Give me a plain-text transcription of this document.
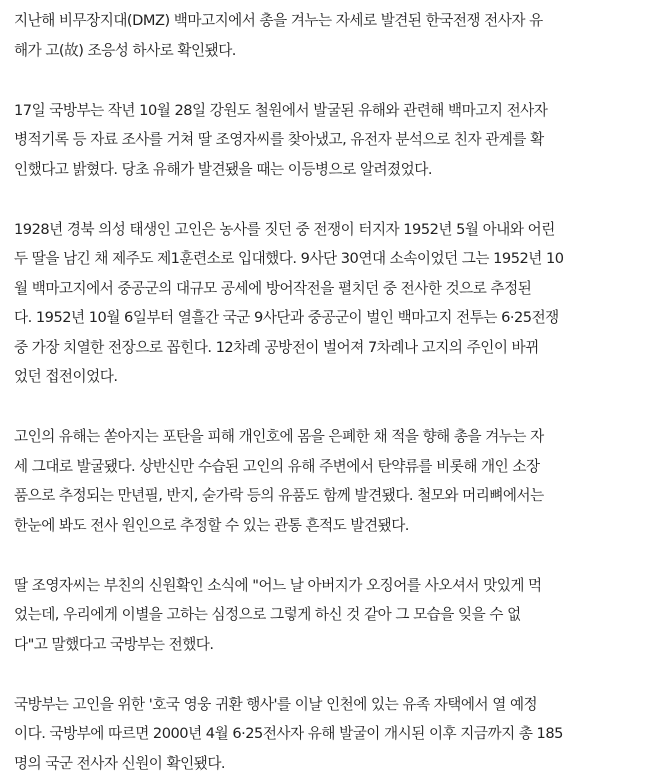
지난해 비무장지대(DMZ) 백마고지에서 총을 겨누는 자세로 발견된 한국전쟁 전사자 유
해가 고(故) 조응성 하사로 확인됐다.
17일 국방부는 작년 10월 28일 강원도 철원에서 발굴된 유해와 관련해 백마고지 전사자
병적기록 등 자료 조사를 거쳐 딸 조영자씨를 찾아냈고, 유전자 분석으로 친자 관계를 확
인했다고 밝혔다. 당초 유해가 발견됐을 때는 이등병으로 알려졌었다.
1928년 경북 의성 태생인 고인은 농사를 짓던 중 전쟁이 터지자 1952년 5월 아내와 어린
두 딸을 남긴 채 제주도 제1훈련소로 입대했다. 9사단 30연대 소속이었던 그는 1952년 10
월 백마고지에서 중공군의 대규모 공세에 방어작전을 펼치던 중 전사한 것으로 추정된
다. 1952년 10월 6일부터 열흘간 국군 9사단과 중공군이 벌인 백마고지 전투는 6·25전쟁
중 가장 치열한 전장으로 꼽힌다. 12차례 공방전이 벌어져 7차례나 고지의 주인이 바뀌
었던 접전이었다.
고인의 유해는 쏟아지는 포탄을 피해 개인호에 몸을 은폐한 채 적을 향해 총을 겨누는 자
세 그대로 발굴됐다. 상반신만 수습된 고인의 유해 주변에서 탄약류를 비롯해 개인 소장
품으로 추정되는 만년필, 반지, 숟가락 등의 유품도 함께 발견됐다. 철모와 머리뼈에서는
한눈에 봐도 전사 원인으로 추정할 수 있는 관통 흔적도 발견됐다.
딸 조영자씨는 부친의 신원확인 소식에 "어느 날 아버지가 오징어를 사오셔서 맛있게 먹
었는데, 우리에게 이별을 고하는 심정으로 그렇게 하신 것 같아 그 모습을 잊을 수 없
다"고 말했다고 국방부는 전했다.
국방부는 고인을 위한 '호국 영웅 귀환 행사'를 이날 인천에 있는 유족 자택에서 열 예정
이다. 국방부에 따르면 2000년 4월 6·25전사자 유해 발굴이 개시된 이후 지금까지 총 185
명의 국군 전사자 신원이 확인됐다.
